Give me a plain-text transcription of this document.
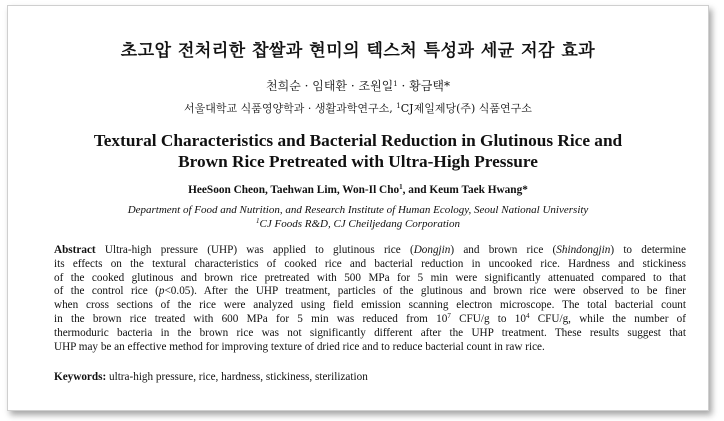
초고압 전처리한 찹쌀과 현미의 텍스처 특성과 세균 저감 효과
천희순 · 임태환 · 조원일$^1$ · 황금택*
서울대학교 식품영양학과 · 생활과학연구소, $^1$CJ제일제당(주) 식품연구소
Textural Characteristics and Bacterial Reduction in Glutinous Rice and
Brown Rice Pretreated with Ultra-High Pressure
HeeSoon Cheon, Taehwan Lim, Won-Il Cho$^1$, and Keum Taek Hwang*
Department of Food and Nutrition, and Research Institute of Human Ecology, Seoul National University
$^1$CJ Foods R&D, CJ Cheiljedang Corporation
Abstract Ultra-high pressure (UHP) was applied to glutinous rice (Dongjin) and brown rice (Shindongjin) to determine
its effects on the textural characteristics of cooked rice and bacterial reduction in uncooked rice. Hardness and stickiness
of the cooked glutinous and brown rice pretreated with 500 MPa for 5 min were significantly attenuated compared to that
of the control rice (p<0.05). After the UHP treatment, particles of the glutinous and brown rice were observed to be finer
when cross sections of the rice were analyzed using field emission scanning electron microscope. The total bacterial count
in the brown rice treated with 600 MPa for 5 min was reduced from $10^7$ CFU/g to $10^4$ CFU/g, while the number of
thermoduric bacteria in the brown rice was not significantly different after the UHP treatment. These results suggest that
UHP may be an effective method for improving texture of dried rice and to reduce bacterial count in raw rice.
Keywords: ultra-high pressure, rice, hardness, stickiness, sterilization
